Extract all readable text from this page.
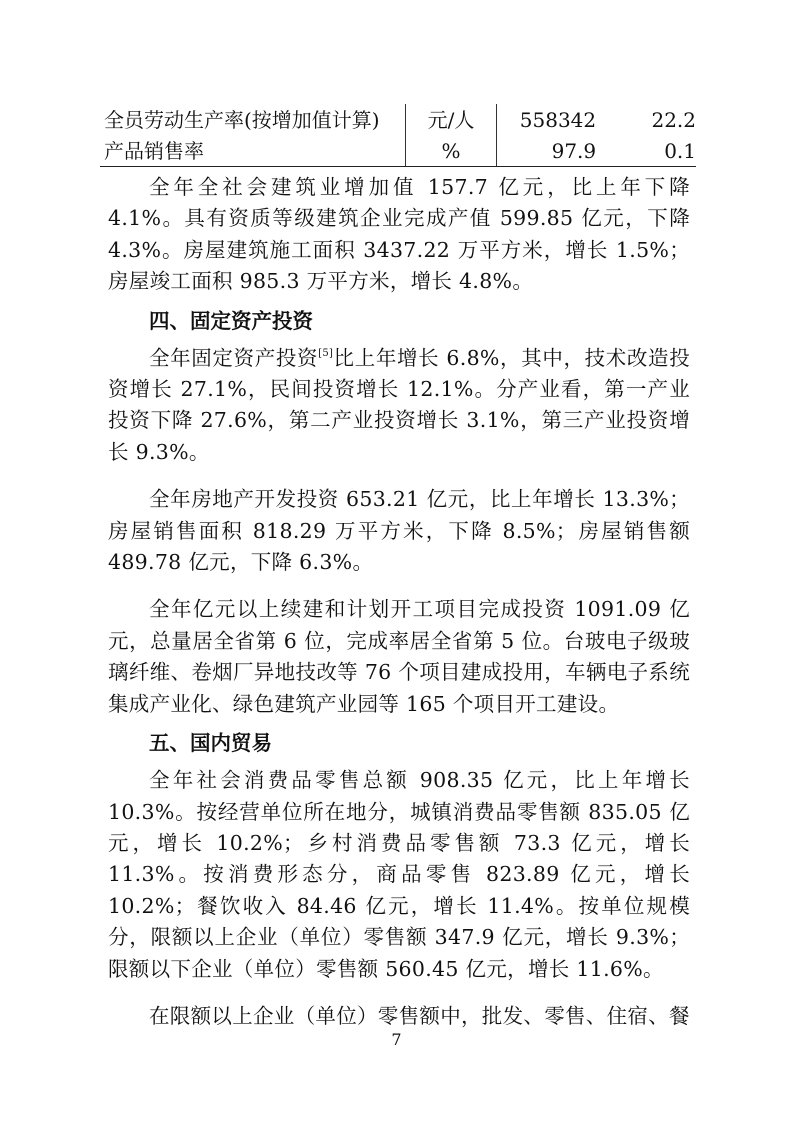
全员劳动生产率(按增加值计算)	元/人	558342	22.2
产品销售率	%	97.9	0.1

全年全社会建筑业增加值 157.7 亿元，比上年下降 4.1%。具有资质等级建筑企业完成产值 599.85 亿元，下降 4.3%。房屋建筑施工面积 3437.22 万平方米，增长 1.5%；房屋竣工面积 985.3 万平方米，增长 4.8%。

四、固定资产投资

全年固定资产投资[5]比上年增长 6.8%，其中，技术改造投资增长 27.1%，民间投资增长 12.1%。分产业看，第一产业投资下降 27.6%，第二产业投资增长 3.1%，第三产业投资增长 9.3%。

全年房地产开发投资 653.21 亿元，比上年增长 13.3%；房屋销售面积 818.29 万平方米，下降 8.5%；房屋销售额 489.78 亿元，下降 6.3%。

全年亿元以上续建和计划开工项目完成投资 1091.09 亿元，总量居全省第 6 位，完成率居全省第 5 位。台玻电子级玻璃纤维、卷烟厂异地技改等 76 个项目建成投用，车辆电子系统集成产业化、绿色建筑产业园等 165 个项目开工建设。

五、国内贸易

全年社会消费品零售总额 908.35 亿元，比上年增长 10.3%。按经营单位所在地分，城镇消费品零售额 835.05 亿元，增长 10.2%；乡村消费品零售额 73.3 亿元，增长 11.3%。按消费形态分，商品零售 823.89 亿元，增长 10.2%；餐饮收入 84.46 亿元，增长 11.4%。按单位规模分，限额以上企业（单位）零售额 347.9 亿元，增长 9.3%；限额以下企业（单位）零售额 560.45 亿元，增长 11.6%。

在限额以上企业（单位）零售额中，批发、零售、住宿、餐

7
